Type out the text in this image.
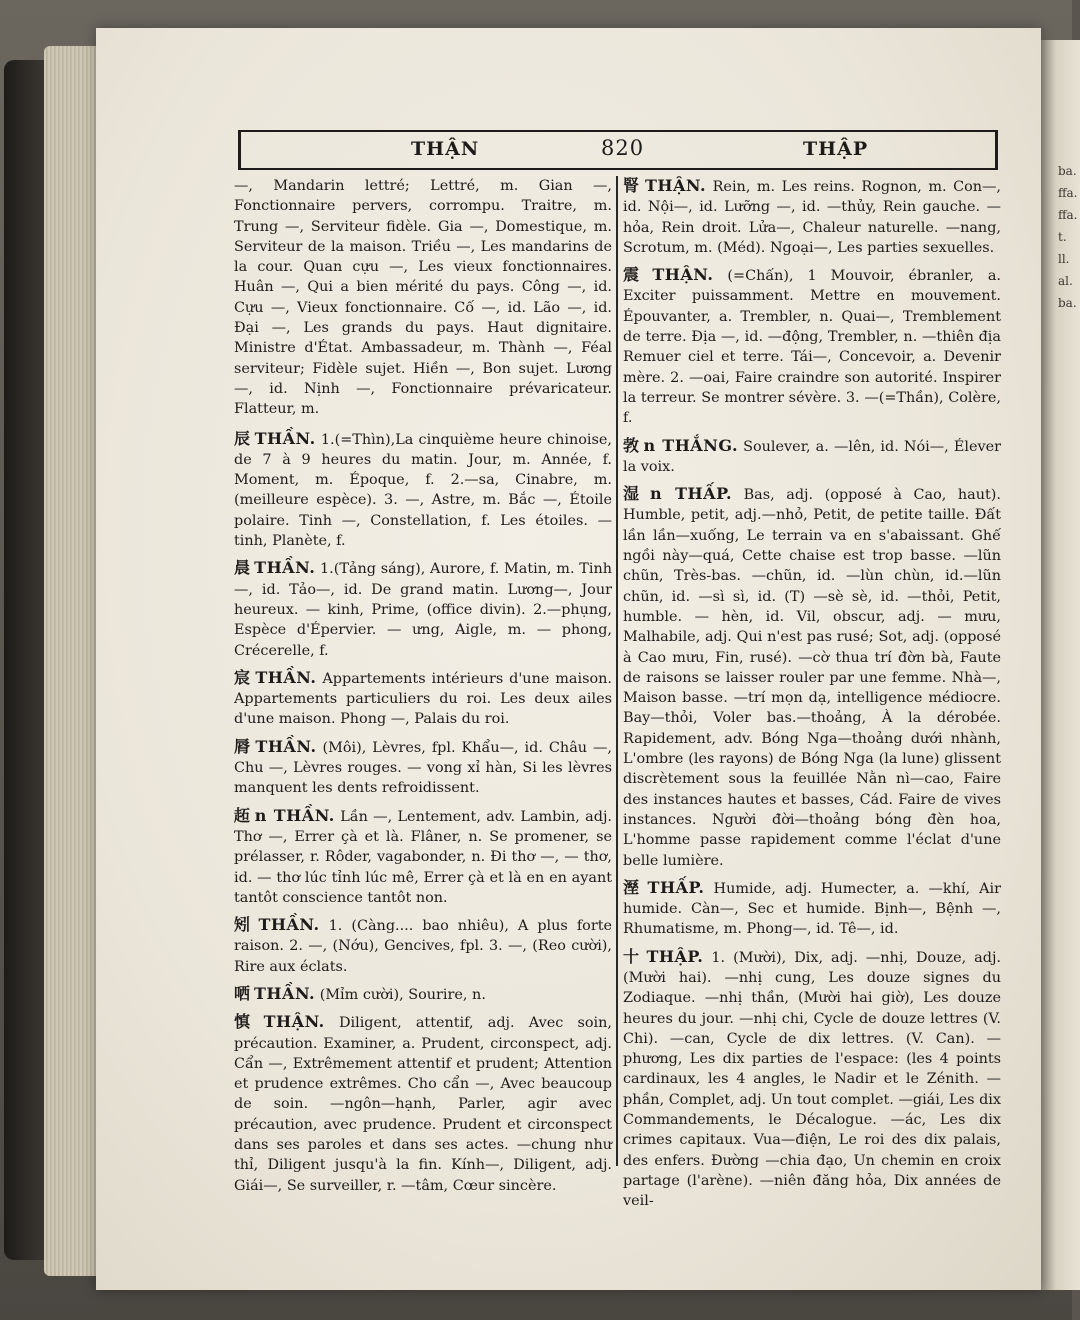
ba. ffa. ffa. t. ll. al. ba.
THẬN	820	THẬP

—, Mandarin lettré; Lettré, m. Gian —, Fonctionnaire pervers, corrompu. Traitre, m. Trung —, Serviteur fidèle. Gia —, Domestique, m. Serviteur de la maison. Triều —, Les mandarins de la cour. Quan cựu —, Les vieux fonctionnaires. Huân —, Qui a bien mérité du pays. Công —, id. Cựu —, Vieux fonctionnaire. Cố —, id. Lão —, id. Đại —, Les grands du pays. Haut dignitaire. Ministre d'État. Ambassadeur, m. Thành —, Féal serviteur; Fidèle sujet. Hiền —, Bon sujet. Lương —, id. Nịnh —, Fonctionnaire prévaricateur. Flatteur, m.

辰 THẦN. 1.(=Thìn),La cinquième heure chinoise, de 7 à 9 heures du matin. Jour, m. Année, f. Moment, m. Époque, f. 2.—sa, Cinabre, m. (meilleure espèce). 3. —, Astre, m. Bắc —, Étoile polaire. Tinh —, Constellation, f. Les étoiles. — tinh, Planète, f.

晨 THẦN. 1.(Tảng sáng), Aurore, f. Matin, m. Tinh—, id. Tảo—, id. De grand matin. Lương—, Jour heureux. — kinh, Prime, (office divin). 2.—phụng, Espèce d'Épervier. — ưng, Aigle, m. — phong, Crécerelle, f.

宸 THẦN. Appartements intérieurs d'une maison. Appartements particuliers du roi. Les deux ailes d'une maison. Phong —, Palais du roi.

脣 THẦN. (Môi), Lèvres, fpl. Khẩu—, id. Châu —, Chu —, Lèvres rouges. — vong xỉ hàn, Si les lèvres manquent les dents refroidissent.

䞠 n THẦN. Lần —, Lentement, adv. Lambin, adj. Thơ —, Errer çà et là. Flâner, n. Se promener, se prélasser, r. Rôder, vagabonder, n. Đi thơ —, — thơ, id. — thơ lúc tỉnh lúc mê, Errer çà et là en en ayant tantôt conscience tantôt non.

矧 THẦN. 1. (Càng.... bao nhiêu), A plus forte raison. 2. —, (Nớu), Gencives, fpl. 3. —, (Reo cười), Rire aux éclats.

哂 THẦN. (Mỉm cười), Sourire, n.

慎 THẬN. Diligent, attentif, adj. Avec soin, précaution. Examiner, a. Prudent, circonspect, adj. Cẩn —, Extrêmement attentif et prudent; Attention et prudence extrêmes. Cho cẩn —, Avec beaucoup de soin. —ngôn—hạnh, Parler, agir avec précaution, avec prudence. Prudent et circonspect dans ses paroles et dans ses actes. —chung như thỉ, Diligent jusqu'à la fin. Kính—, Diligent, adj. Giái—, Se surveiller, r. —tâm, Cœur sincère.

腎 THẬN. Rein, m. Les reins. Rognon, m. Con—, id. Nội—, id. Lưỡng —, id. —thủy, Rein gauche. —hỏa, Rein droit. Lửa—, Chaleur naturelle. —nang, Scrotum, m. (Méd). Ngoại—, Les parties sexuelles.

震 THẬN. (=Chấn), 1 Mouvoir, ébranler, a. Exciter puissamment. Mettre en mouvement. Épouvanter, a. Trembler, n. Quai—, Tremblement de terre. Địa —, id. —động, Trembler, n. —thiên địa Remuer ciel et terre. Tái—, Concevoir, a. Devenir mère. 2. —oai, Faire craindre son autorité. Inspirer la terreur. Se montrer sévère. 3. —(=Thần), Colère, f.

㪍 n THẮNG. Soulever, a. —lên, id. Nói—, Élever la voix.

湿 n THẤP. Bas, adj. (opposé à Cao, haut). Humble, petit, adj.—nhỏ, Petit, de petite taille. Đất lần lần—xuống, Le terrain va en s'abaissant. Ghế ngồi này—quá, Cette chaise est trop basse. —lũn chũn, Très-bas. —chũn, id. —lùn chùn, id.—lũn chũn, id. —sì sì, id. (T) —sè sè, id. —thỏi, Petit, humble. — hèn, id. Vil, obscur, adj. — mưu, Malhabile, adj. Qui n'est pas rusé; Sot, adj. (opposé à Cao mưu, Fin, rusé). —cờ thua trí đờn bà, Faute de raisons se laisser rouler par une femme. Nhà—, Maison basse. —trí mọn dạ, intelligence médiocre. Bay—thỏi, Voler bas.—thoảng, À la dérobée. Rapidement, adv. Bóng Nga—thoảng dưới nhành, L'ombre (les rayons) de Bóng Nga (la lune) glissent discrètement sous la feuillée Nằn nì—cao, Faire des instances hautes et basses, Cád. Faire de vives instances. Người đời—thoảng bóng đèn hoa, L'homme passe rapidement comme l'éclat d'une belle lumière.

溼 THẤP. Humide, adj. Humecter, a. —khí, Air humide. Càn—, Sec et humide. Bịnh—, Bệnh —, Rhumatisme, m. Phong—, id. Tê—, id.

十 THẬP. 1. (Mười), Dix, adj. —nhị, Douze, adj. (Mười hai). —nhị cung, Les douze signes du Zodiaque. —nhị thần, (Mười hai giờ), Les douze heures du jour. —nhị chi, Cycle de douze lettres (V. Chi). —can, Cycle de dix lettres. (V. Can). —phương, Les dix parties de l'espace: (les 4 points cardinaux, les 4 angles, le Nadir et le Zénith. —phần, Complet, adj. Un tout complet. —giái, Les dix Commandements, le Décalogue. —ác, Les dix crimes capitaux. Vua—điện, Le roi des dix palais, des enfers. Đường —chia đạo, Un chemin en croix partage (l'arène). —niên đăng hỏa, Dix années de veil-
